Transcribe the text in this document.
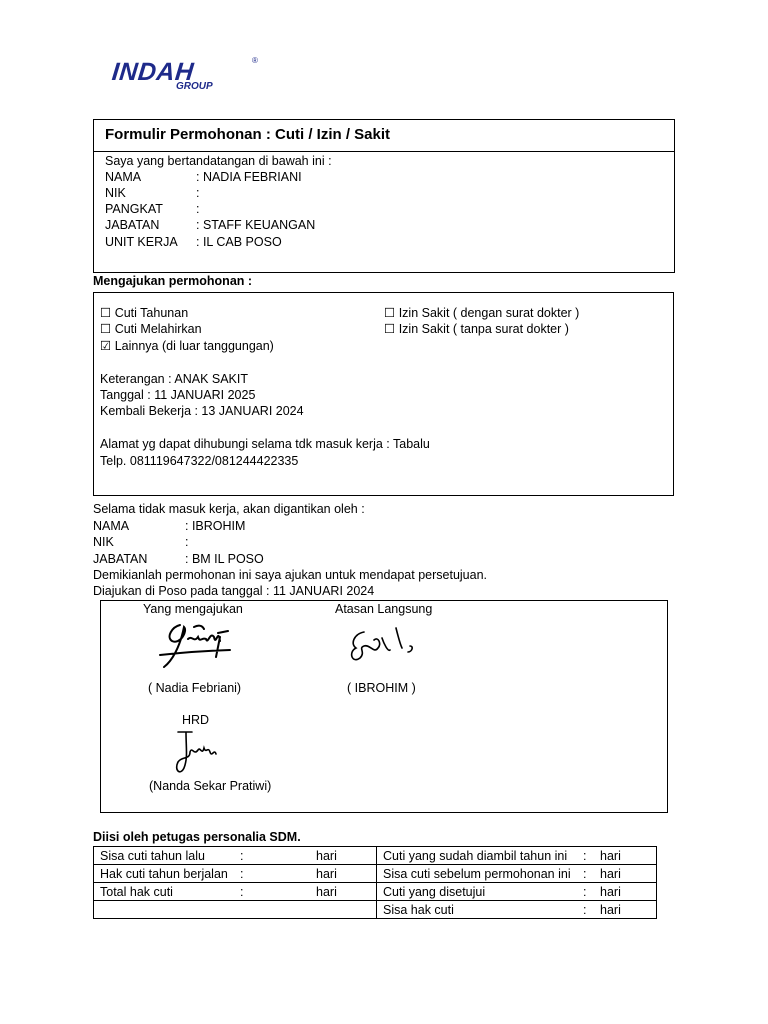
INDAH
GROUP
®
Formulir Permohonan : Cuti / Izin / Sakit
Saya yang bertandatangan di bawah ini :
NAMA	: NADIA FEBRIANI
NIK	:
PANGKAT	:
JABATAN	: STAFF KEUANGAN
UNIT KERJA : IL CAB POSO
Mengajukan permohonan :
☐ Cuti Tahunan
☐ Cuti Melahirkan
☑ Lainnya (di luar tanggungan)
☐ Izin Sakit ( dengan surat dokter )
☐ Izin Sakit ( tanpa surat dokter )
Keterangan : ANAK SAKIT
Tanggal : 11 JANUARI 2025
Kembali Bekerja : 13 JANUARI 2024
Alamat yg dapat dihubungi selama tdk masuk kerja : Tabalu
Telp. 081119647322/081244422335
Selama tidak masuk kerja, akan digantikan oleh :
NAMA	: IBROHIM
NIK	:
JABATAN	: BM IL POSO
Demikianlah permohonan ini saya ajukan untuk mendapat persetujuan.
Diajukan di Poso pada tanggal : 11 JANUARI 2024
Yang mengajukan	Atasan Langsung
( Nadia Febriani)	( IBROHIM )
HRD
(Nanda Sekar Pratiwi)
Diisi oleh petugas personalia SDM.
Sisa cuti tahun lalu : hari	Cuti yang sudah diambil tahun ini : hari
Hak cuti tahun berjalan : hari	Sisa cuti sebelum permohonan ini : hari
Total hak cuti : hari	Cuti yang disetujui : hari
	Sisa hak cuti : hari
